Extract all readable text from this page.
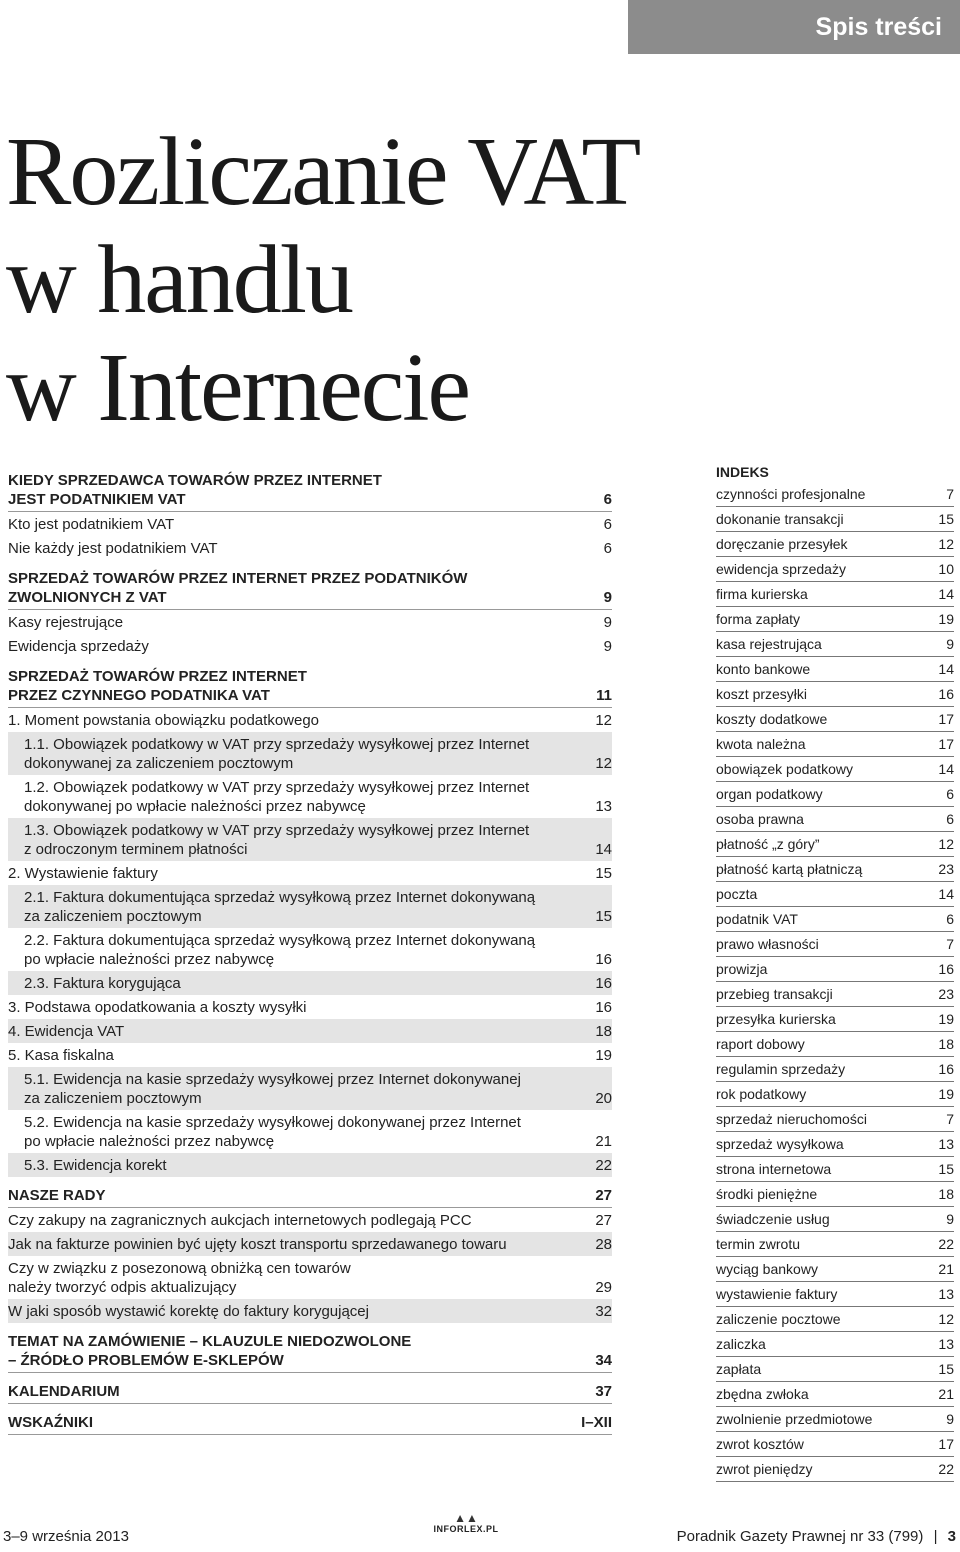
Spis treści
Rozliczanie VAT
w handlu
w Internecie
KIEDY SPRZEDAWCA TOWARÓW PRZEZ INTERNET
JEST PODATNIKIEM VAT	6
Kto jest podatnikiem VAT	6
Nie każdy jest podatnikiem VAT	6
SPRZEDAŻ TOWARÓW PRZEZ INTERNET PRZEZ PODATNIKÓW
ZWOLNIONYCH Z VAT	9
Kasy rejestrujące	9
Ewidencja sprzedaży	9
SPRZEDAŻ TOWARÓW PRZEZ INTERNET
PRZEZ CZYNNEGO PODATNIKA VAT	11
1. Moment powstania obowiązku podatkowego	12
1.1. Obowiązek podatkowy w VAT przy sprzedaży wysyłkowej przez Internet
dokonywanej za zaliczeniem pocztowym	12
1.2. Obowiązek podatkowy w VAT przy sprzedaży wysyłkowej przez Internet
dokonywanej po wpłacie należności przez nabywcę	13
1.3. Obowiązek podatkowy w VAT przy sprzedaży wysyłkowej przez Internet
z odroczonym terminem płatności	14
2. Wystawienie faktury	15
2.1. Faktura dokumentująca sprzedaż wysyłkową przez Internet dokonywaną
za zaliczeniem pocztowym	15
2.2. Faktura dokumentująca sprzedaż wysyłkową przez Internet dokonywaną
po wpłacie należności przez nabywcę	16
2.3. Faktura korygująca	16
3. Podstawa opodatkowania a koszty wysyłki	16
4. Ewidencja VAT	18
5. Kasa fiskalna	19
5.1. Ewidencja na kasie sprzedaży wysyłkowej przez Internet dokonywanej
za zaliczeniem pocztowym	20
5.2. Ewidencja na kasie sprzedaży wysyłkowej dokonywanej przez Internet
po wpłacie należności przez nabywcę	21
5.3. Ewidencja korekt	22
NASZE RADY	27
Czy zakupy na zagranicznych aukcjach internetowych podlegają PCC	27
Jak na fakturze powinien być ujęty koszt transportu sprzedawanego towaru	28
Czy w związku z posezonową obniżką cen towarów
należy tworzyć odpis aktualizujący	29
W jaki sposób wystawić korektę do faktury korygującej	32
TEMAT NA ZAMÓWIENIE – KLAUZULE NIEDOZWOLONE
– ŹRÓDŁO PROBLEMÓW E-SKLEPÓW	34
KALENDARIUM	37
WSKAŹNIKI	I–XII
INDEKS
czynności profesjonalne	7
dokonanie transakcji	15
doręczanie przesyłek	12
ewidencja sprzedaży	10
firma kurierska	14
forma zapłaty	19
kasa rejestrująca	9
konto bankowe	14
koszt przesyłki	16
koszty dodatkowe	17
kwota należna	17
obowiązek podatkowy	14
organ podatkowy	6
osoba prawna	6
płatność „z góry”	12
płatność kartą płatniczą	23
poczta	14
podatnik VAT	6
prawo własności	7
prowizja	16
przebieg transakcji	23
przesyłka kurierska	19
raport dobowy	18
regulamin sprzedaży	16
rok podatkowy	19
sprzedaż nieruchomości	7
sprzedaż wysyłkowa	13
strona internetowa	15
środki pieniężne	18
świadczenie usług	9
termin zwrotu	22
wyciąg bankowy	21
wystawienie faktury	13
zaliczenie pocztowe	12
zaliczka	13
zapłata	15
zbędna zwłoka	21
zwolnienie przedmiotowe	9
zwrot kosztów	17
zwrot pieniędzy	22
3–9 września 2013
▲▲
INFORLEX.PL	Poradnik Gazety Prawnej nr 33 (799) | 3
